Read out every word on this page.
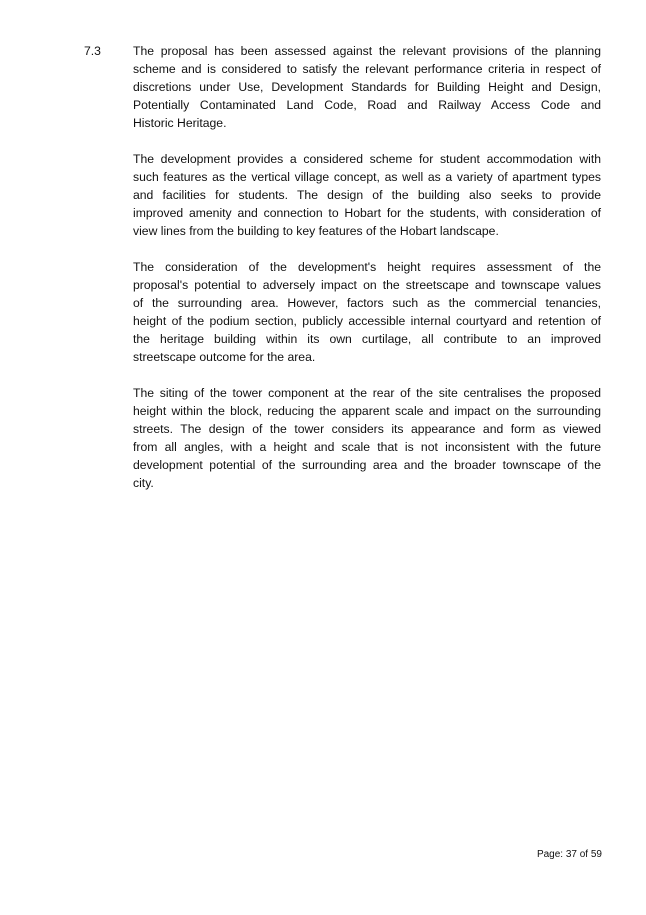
7.3	The proposal has been assessed against the relevant provisions of the planning
scheme and is considered to satisfy the relevant performance criteria in respect of
discretions under Use, Development Standards for Building Height and Design,
Potentially Contaminated Land Code, Road and Railway Access Code and
Historic Heritage.

The development provides a considered scheme for student accommodation with
such features as the vertical village concept, as well as a variety of apartment types
and facilities for students. The design of the building also seeks to provide
improved amenity and connection to Hobart for the students, with consideration of
view lines from the building to key features of the Hobart landscape.

The consideration of the development's height requires assessment of the
proposal's potential to adversely impact on the streetscape and townscape values
of the surrounding area. However, factors such as the commercial tenancies,
height of the podium section, publicly accessible internal courtyard and retention of
the heritage building within its own curtilage, all contribute to an improved
streetscape outcome for the area.

The siting of the tower component at the rear of the site centralises the proposed
height within the block, reducing the apparent scale and impact on the surrounding
streets. The design of the tower considers its appearance and form as viewed
from all angles, with a height and scale that is not inconsistent with the future
development potential of the surrounding area and the broader townscape of the
city.

Page: 37 of 59
